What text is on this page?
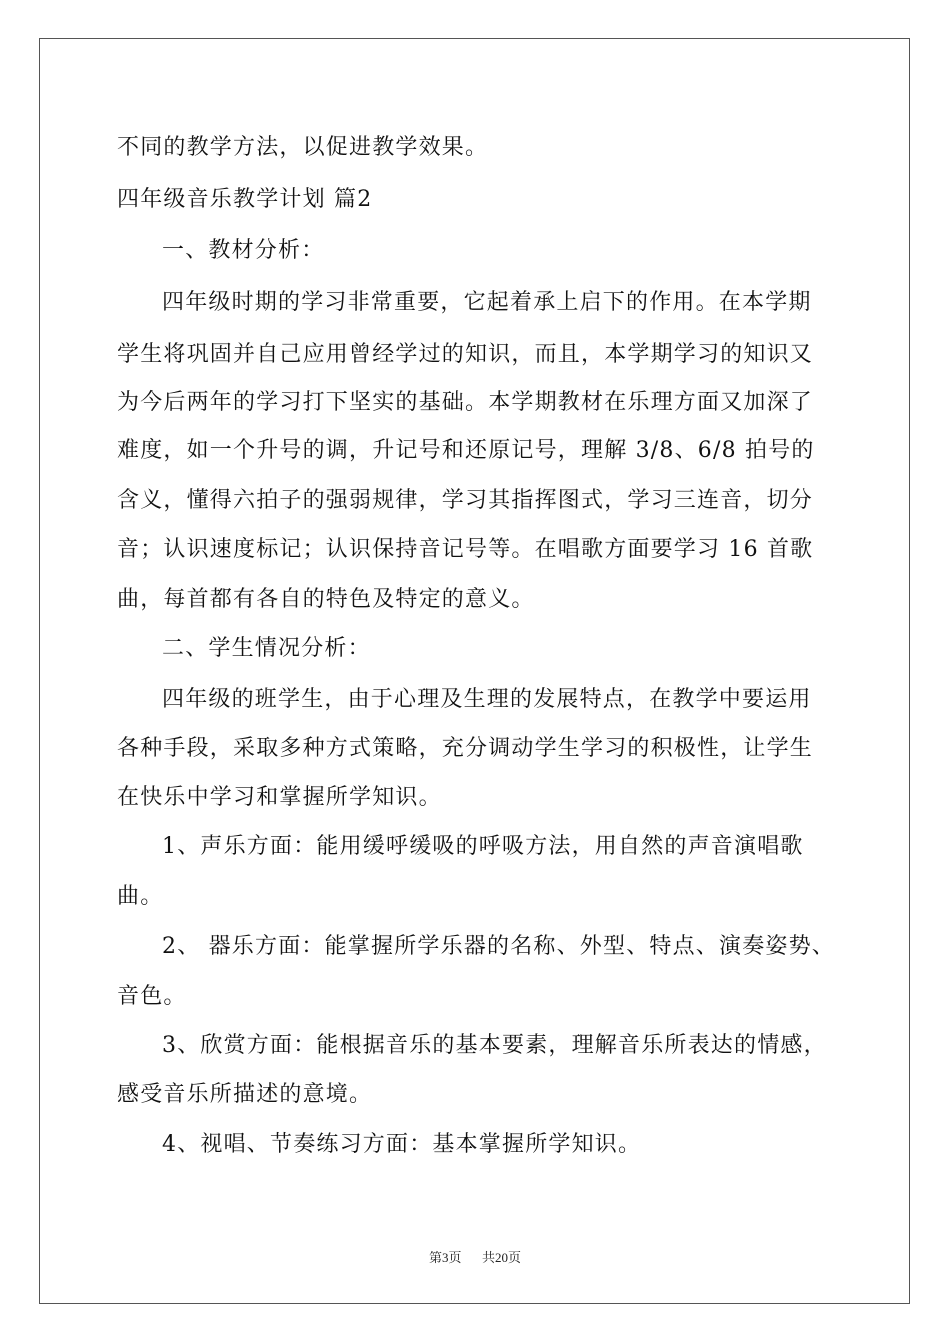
不同的教学方法，以促进教学效果。
四年级音乐教学计划 篇2
一、教材分析：
四年级时期的学习非常重要，它起着承上启下的作用。在本学期
学生将巩固并自己应用曾经学过的知识，而且，本学期学习的知识又
为今后两年的学习打下坚实的基础。本学期教材在乐理方面又加深了
难度，如一个升号的调，升记号和还原记号，理解 3/8、6/8 拍号的
含义，懂得六拍子的强弱规律，学习其指挥图式，学习三连音，切分
音；认识速度标记；认识保持音记号等。在唱歌方面要学习 16 首歌
曲，每首都有各自的特色及特定的意义。
二、学生情况分析：
四年级的班学生，由于心理及生理的发展特点，在教学中要运用
各种手段，采取多种方式策略，充分调动学生学习的积极性，让学生
在快乐中学习和掌握所学知识。
1、声乐方面：能用缓呼缓吸的呼吸方法，用自然的声音演唱歌
曲。
2、 器乐方面：能掌握所学乐器的名称、外型、特点、演奏姿势、
音色。
3、欣赏方面：能根据音乐的基本要素，理解音乐所表达的情感，
感受音乐所描述的意境。
4、视唱、节奏练习方面：基本掌握所学知识。
第3页 共20页
